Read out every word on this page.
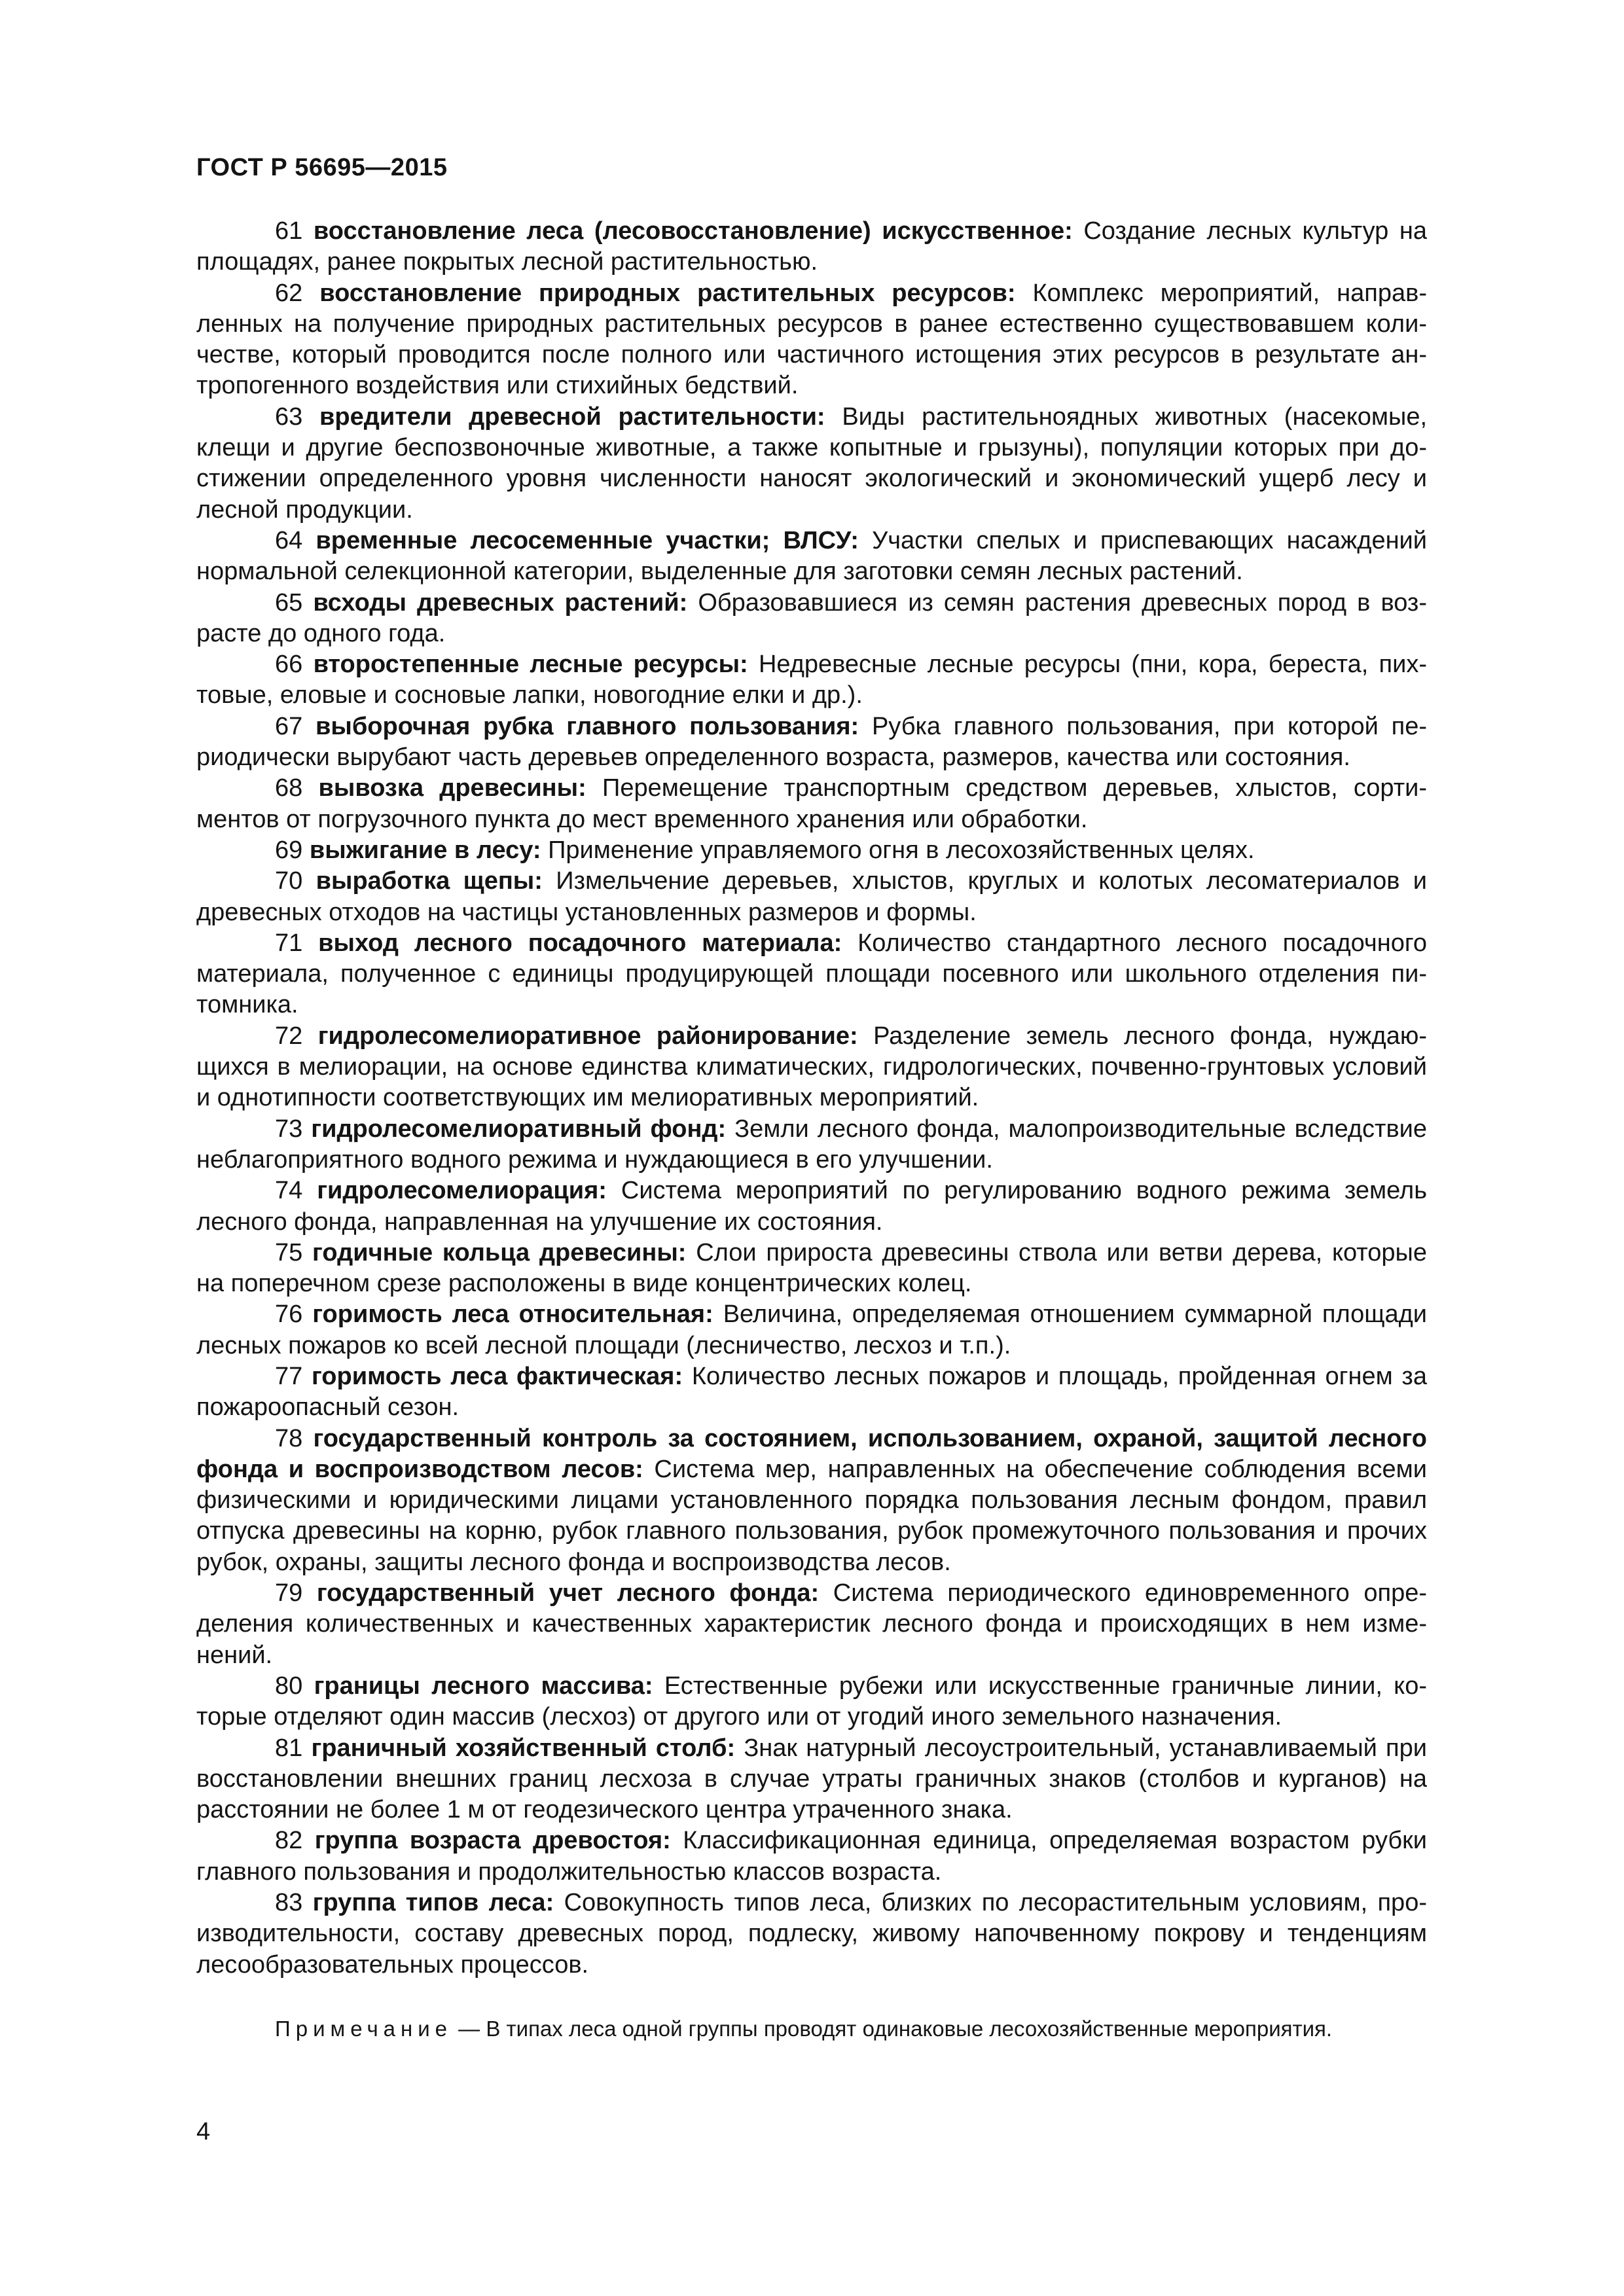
ГОСТ Р 56695—2015

61 восстановление леса (лесовосстановление) искусственное: Создание лесных культур на площадях, ранее покрытых лесной растительностью.

62 восстановление природных растительных ресурсов: Комплекс мероприятий, направленных на получение природных растительных ресурсов в ранее естественно существовавшем количестве, который проводится после полного или частичного истощения этих ресурсов в результате антропогенного воздействия или стихийных бедствий.

63 вредители древесной растительности: Виды растительноядных животных (насекомые, клещи и другие беспозвоночные животные, а также копытные и грызуны), популяции которых при достижении определенного уровня численности наносят экологический и экономический ущерб лесу и лесной продукции.

64 временные лесосеменные участки; ВЛСУ: Участки спелых и приспевающих насаждений нормальной селекционной категории, выделенные для заготовки семян лесных растений.

65 всходы древесных растений: Образовавшиеся из семян растения древесных пород в возрасте до одного года.

66 второстепенные лесные ресурсы: Недревесные лесные ресурсы (пни, кора, береста, пихтовые, еловые и сосновые лапки, новогодние елки и др.).

67 выборочная рубка главного пользования: Рубка главного пользования, при которой периодически вырубают часть деревьев определенного возраста, размеров, качества или состояния.

68 вывозка древесины: Перемещение транспортным средством деревьев, хлыстов, сортиментов от погрузочного пункта до мест временного хранения или обработки.

69 выжигание в лесу: Применение управляемого огня в лесохозяйственных целях.

70 выработка щепы: Измельчение деревьев, хлыстов, круглых и колотых лесоматериалов и древесных отходов на частицы установленных размеров и формы.

71 выход лесного посадочного материала: Количество стандартного лесного посадочного материала, полученное с единицы продуцирующей площади посевного или школьного отделения питомника.

72 гидролесомелиоративное районирование: Разделение земель лесного фонда, нуждающихся в мелиорации, на основе единства климатических, гидрологических, почвенно-грунтовых условий и однотипности соответствующих им мелиоративных мероприятий.

73 гидролесомелиоративный фонд: Земли лесного фонда, малопроизводительные вследствие неблагоприятного водного режима и нуждающиеся в его улучшении.

74 гидролесомелиорация: Система мероприятий по регулированию водного режима земель лесного фонда, направленная на улучшение их состояния.

75 годичные кольца древесины: Слои прироста древесины ствола или ветви дерева, которые на поперечном срезе расположены в виде концентрических колец.

76 горимость леса относительная: Величина, определяемая отношением суммарной площади лесных пожаров ко всей лесной площади (лесничество, лесхоз и т.п.).

77 горимость леса фактическая: Количество лесных пожаров и площадь, пройденная огнем за пожароопасный сезон.

78 государственный контроль за состоянием, использованием, охраной, защитой лесного фонда и воспроизводством лесов: Система мер, направленных на обеспечение соблюдения всеми физическими и юридическими лицами установленного порядка пользования лесным фондом, правил отпуска древесины на корню, рубок главного пользования, рубок промежуточного пользования и прочих рубок, охраны, защиты лесного фонда и воспроизводства лесов.

79 государственный учет лесного фонда: Система периодического единовременного определения количественных и качественных характеристик лесного фонда и происходящих в нем изменений.

80 границы лесного массива: Естественные рубежи или искусственные граничные линии, которые отделяют один массив (лесхоз) от другого или от угодий иного земельного назначения.

81 граничный хозяйственный столб: Знак натурный лесоустроительный, устанавливаемый при восстановлении внешних границ лесхоза в случае утраты граничных знаков (столбов и курганов) на расстоянии не более 1 м от геодезического центра утраченного знака.

82 группа возраста древостоя: Классификационная единица, определяемая возрастом рубки главного пользования и продолжительностью классов возраста.

83 группа типов леса: Совокупность типов леса, близких по лесорастительным условиям, производительности, составу древесных пород, подлеску, живому напочвенному покрову и тенденциям лесообразовательных процессов.

Примечание — В типах леса одной группы проводят одинаковые лесохозяйственные мероприятия.
4
